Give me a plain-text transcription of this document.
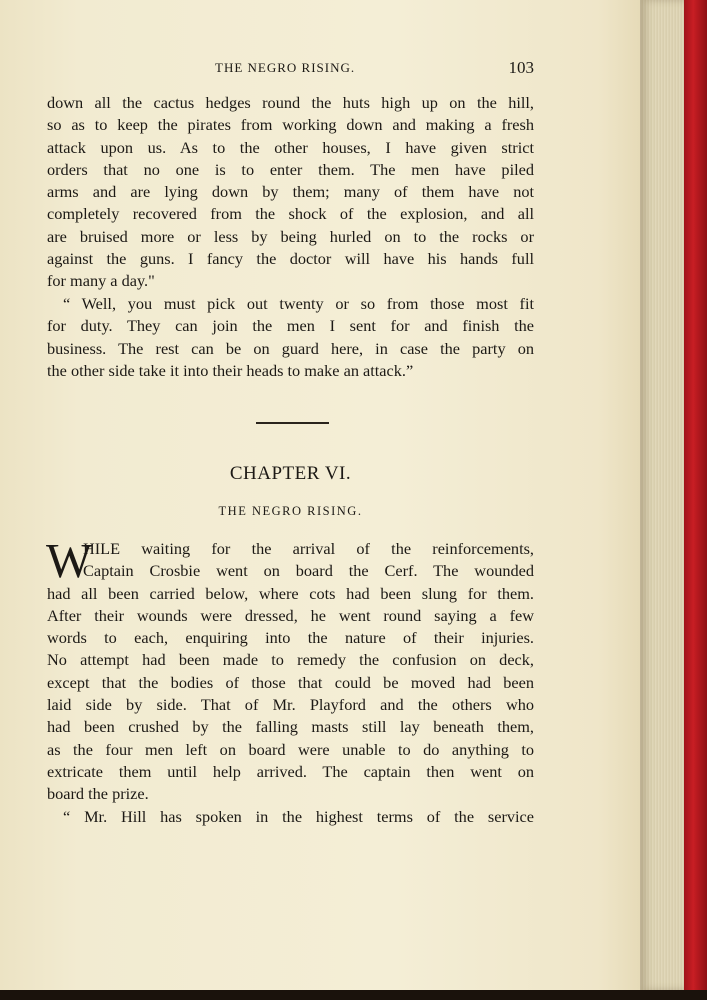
THE NEGRO RISING.	103
down all the cactus hedges round the huts high up on the hill,
so as to keep the pirates from working down and making a fresh
attack upon us. As to the other houses, I have given strict
orders that no one is to enter them. The men have piled
arms and are lying down by them; many of them have not
completely recovered from the shock of the explosion, and all
are bruised more or less by being hurled on to the rocks or
against the guns. I fancy the doctor will have his hands full
for many a day."
“ Well, you must pick out twenty or so from those most fit
for duty. They can join the men I sent for and finish the
business. The rest can be on guard here, in case the party on
the other side take it into their heads to make an attack.”
CHAPTER VI.
THE NEGRO RISING.
W
HILE waiting for the arrival of the reinforcements,
Captain Crosbie went on board the Cerf. The wounded
had all been carried below, where cots had been slung for them.
After their wounds were dressed, he went round saying a few
words to each, enquiring into the nature of their injuries.
No attempt had been made to remedy the confusion on deck,
except that the bodies of those that could be moved had been
laid side by side. That of Mr. Playford and the others who
had been crushed by the falling masts still lay beneath them,
as the four men left on board were unable to do anything to
extricate them until help arrived. The captain then went on
board the prize.
“ Mr. Hill has spoken in the highest terms of the service
